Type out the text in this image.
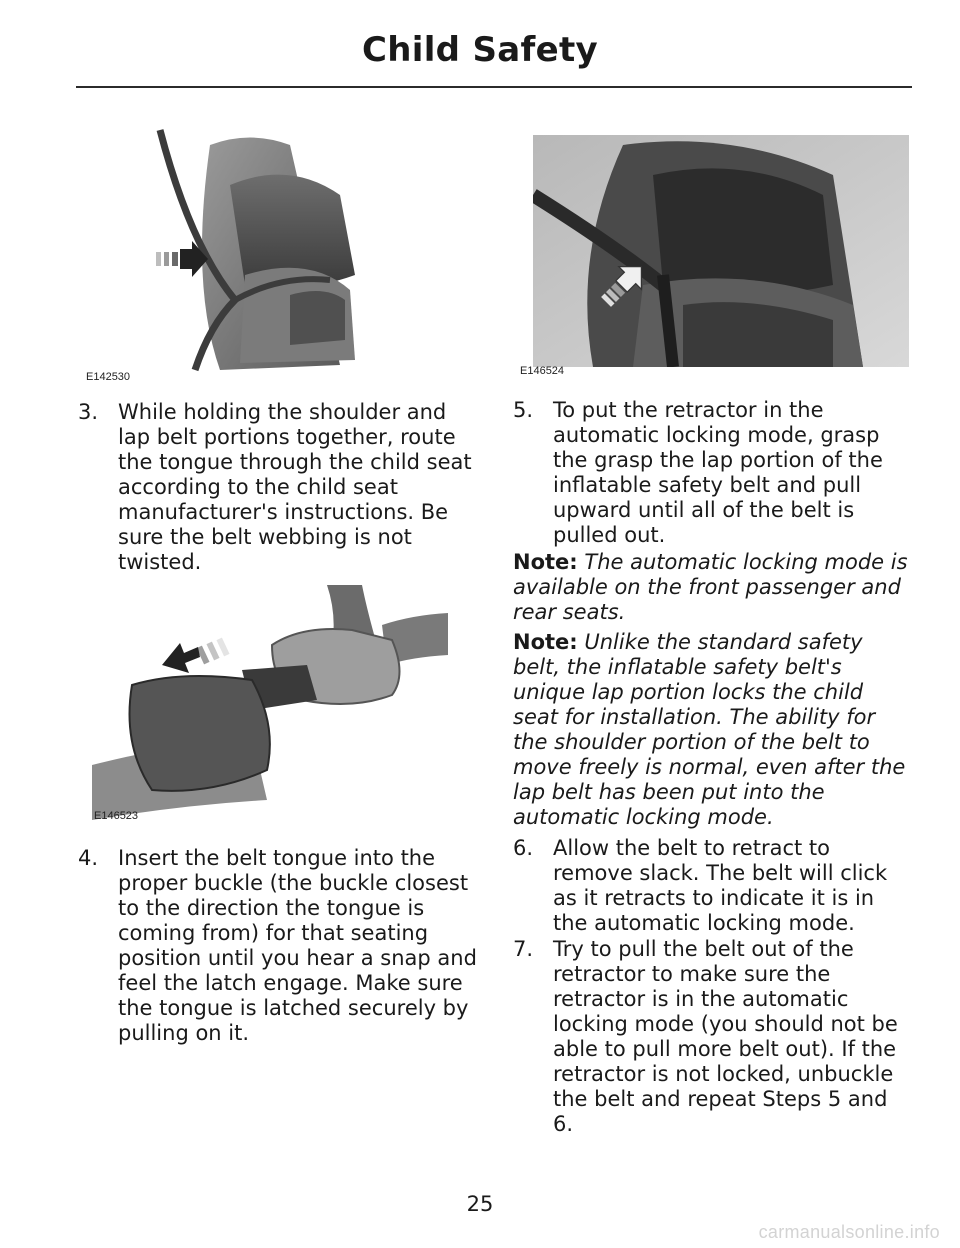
Child Safety
E142530	E146524
3. While holding the shoulder and lap belt portions together, route the tongue through the child seat according to the child seat manufacturer's instructions. Be sure the belt webbing is not twisted.
E146523
4. Insert the belt tongue into the proper buckle (the buckle closest to the direction the tongue is coming from) for that seating position until you hear a snap and feel the latch engage. Make sure the tongue is latched securely by pulling on it.
5. To put the retractor in the automatic locking mode, grasp the grasp the lap portion of the inflatable safety belt and pull upward until all of the belt is pulled out.
Note: The automatic locking mode is available on the front passenger and rear seats.
Note: Unlike the standard safety belt, the inflatable safety belt's unique lap portion locks the child seat for installation. The ability for the shoulder portion of the belt to move freely is normal, even after the lap belt has been put into the automatic locking mode.
6. Allow the belt to retract to remove slack. The belt will click as it retracts to indicate it is in the automatic locking mode.
7. Try to pull the belt out of the retractor to make sure the retractor is in the automatic locking mode (you should not be able to pull more belt out). If the retractor is not locked, unbuckle the belt and repeat Steps 5 and 6.
25
carmanualsonline.info
